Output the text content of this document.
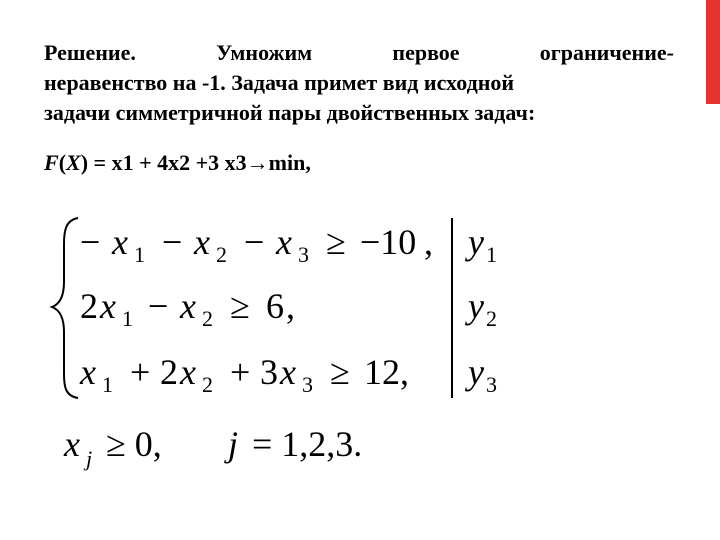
Решение.	Умножим	первое	ограничение-
неравенство на -1. Задача примет вид исходной
задачи симметричной пары двойственных задач:
F(X) = x1 + 4x2 +3 x3→min,
− x 1 − x 2 − x 3 ≥ −10 , y 1
2 x 1 − x 2 ≥ 6 ,	y 2
x 1 + 2 x 2 + 3 x 3 ≥ 12 , y 3
x j ≥ 0, j = 1,2,3.
